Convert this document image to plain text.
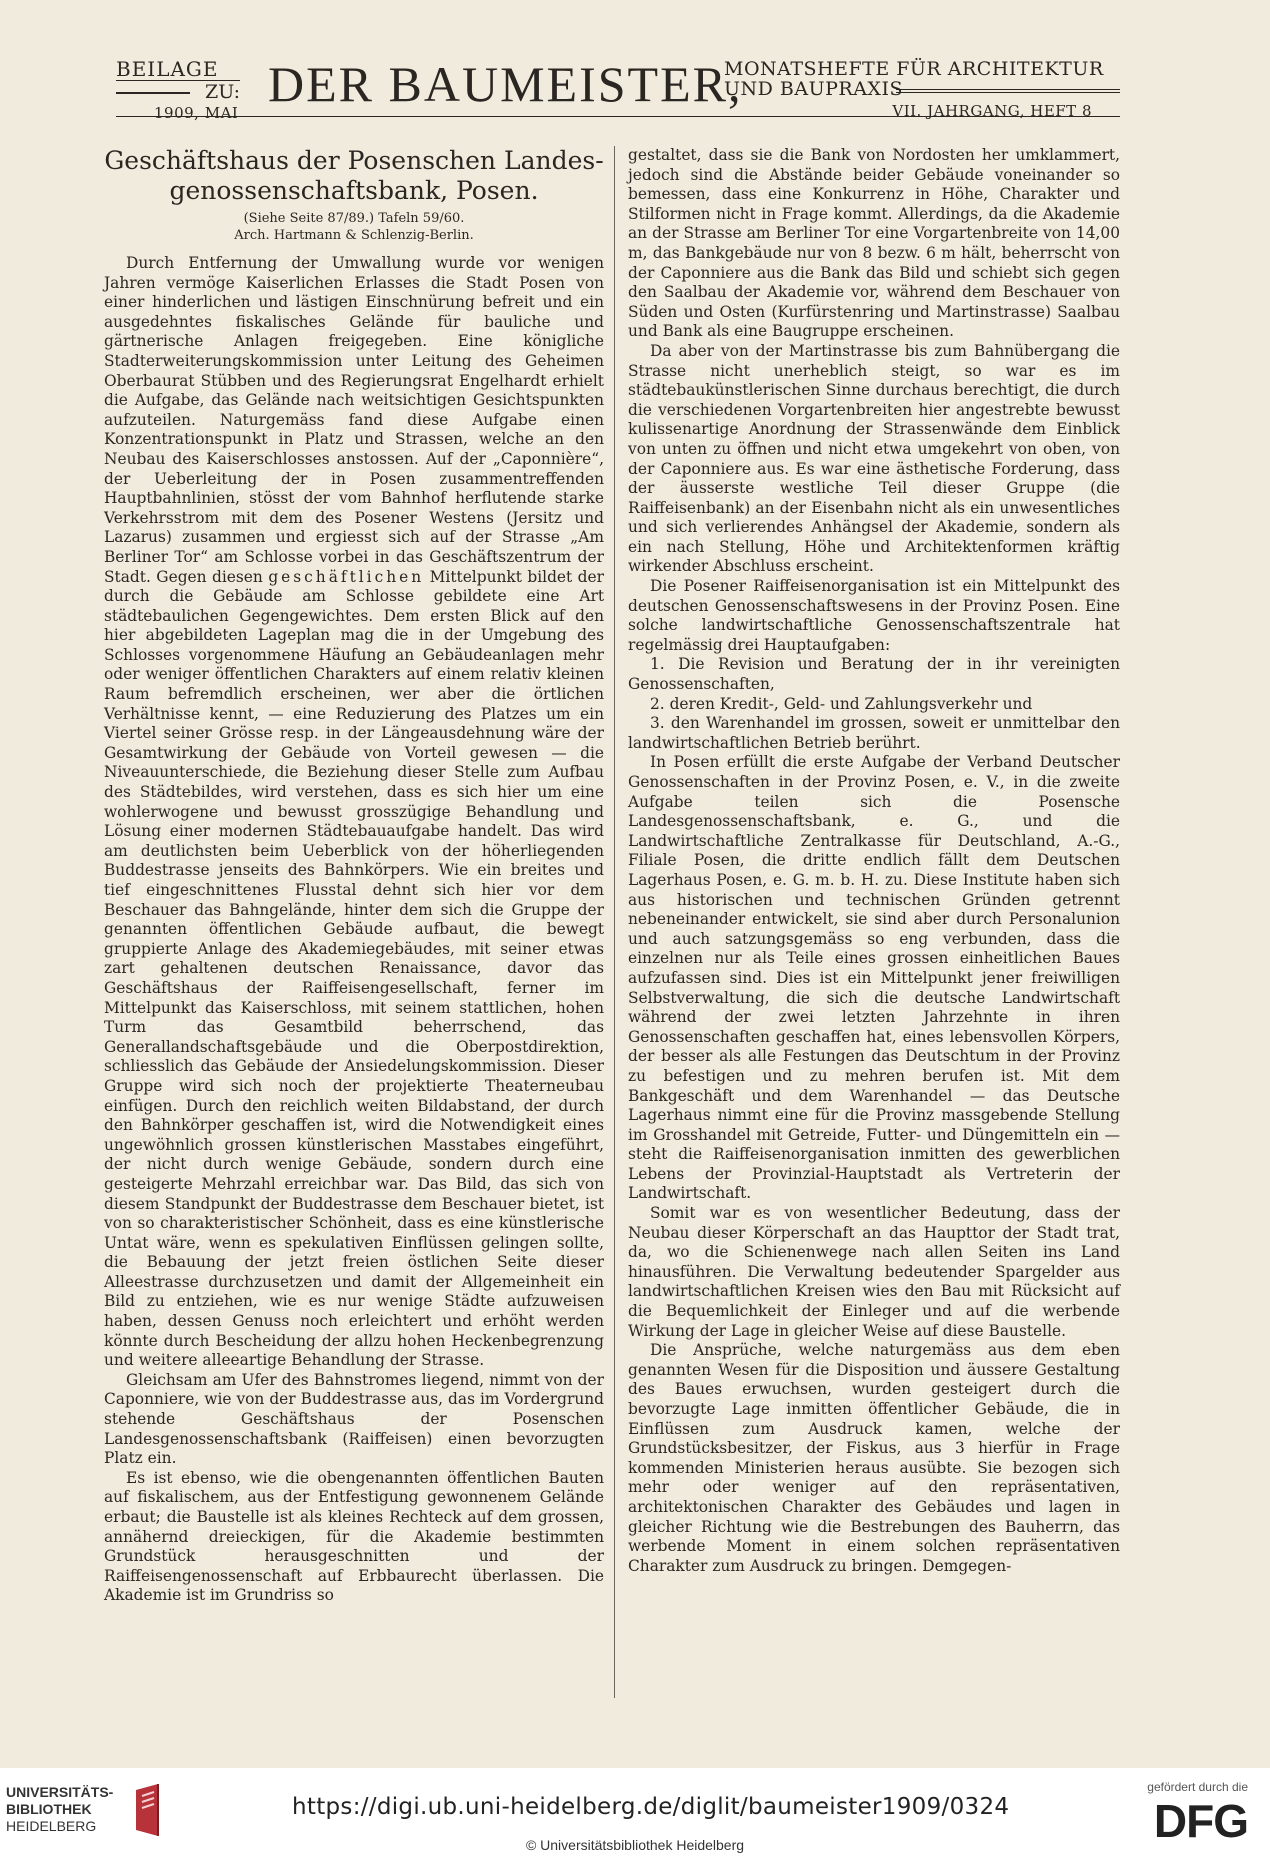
BEILAGE
ZU:
1909, MAI
DER BAUMEISTER,
MONATSHEFTE FÜR ARCHITEKTUR
UND BAUPRAXIS
VII. JAHRGANG, HEFT 8
Geschäftshaus der Posenschen Landes-
genossenschaftsbank, Posen.
(Siehe Seite 87/89.) Tafeln 59/60.
Arch. Hartmann & Schlenzig-Berlin.

Durch Entfernung der Umwallung wurde vor wenigen Jahren vermöge Kaiserlichen Erlasses die Stadt Posen von einer hinderlichen und lästigen Einschnürung befreit und ein ausgedehntes fiskalisches Gelände für bauliche und gärtnerische Anlagen freigegeben. Eine königliche Stadterweiterungskommission unter Leitung des Geheimen Oberbaurat Stübben und des Regierungsrat Engelhardt erhielt die Aufgabe, das Gelände nach weitsichtigen Gesichtspunkten aufzuteilen. Naturgemäss fand diese Aufgabe einen Konzentrationspunkt in Platz und Strassen, welche an den Neubau des Kaiserschlosses anstossen. Auf der „Caponnière“, der Ueberleitung der in Posen zusammentreffenden Hauptbahnlinien, stösst der vom Bahnhof herflutende starke Verkehrsstrom mit dem des Posener Westens (Jersitz und Lazarus) zusammen und ergiesst sich auf der Strasse „Am Berliner Tor“ am Schlosse vorbei in das Geschäftszentrum der Stadt. Gegen diesen geschäftlichen Mittelpunkt bildet der durch die Gebäude am Schlosse gebildete eine Art städtebaulichen Gegengewichtes. Dem ersten Blick auf den hier abgebildeten Lageplan mag die in der Umgebung des Schlosses vorgenommene Häufung an Gebäudeanlagen mehr oder weniger öffentlichen Charakters auf einem relativ kleinen Raum befremdlich erscheinen, wer aber die örtlichen Verhältnisse kennt, — eine Reduzierung des Platzes um ein Viertel seiner Grösse resp. in der Längeausdehnung wäre der Gesamtwirkung der Gebäude von Vorteil gewesen — die Niveauunterschiede, die Beziehung dieser Stelle zum Aufbau des Städtebildes, wird verstehen, dass es sich hier um eine wohlerwogene und bewusst grosszügige Behandlung und Lösung einer modernen Städtebauaufgabe handelt. Das wird am deutlichsten beim Ueberblick von der höherliegenden Buddestrasse jenseits des Bahnkörpers. Wie ein breites und tief eingeschnittenes Flusstal dehnt sich hier vor dem Beschauer das Bahngelände, hinter dem sich die Gruppe der genannten öffentlichen Gebäude aufbaut, die bewegt gruppierte Anlage des Akademiegebäudes, mit seiner etwas zart gehaltenen deutschen Renaissance, davor das Geschäftshaus der Raiffeisengesellschaft, ferner im Mittelpunkt das Kaiserschloss, mit seinem stattlichen, hohen Turm das Gesamtbild beherrschend, das Generallandschaftsgebäude und die Oberpostdirektion, schliesslich das Gebäude der Ansiedelungskommission. Dieser Gruppe wird sich noch der projektierte Theaterneubau einfügen. Durch den reichlich weiten Bildabstand, der durch den Bahnkörper geschaffen ist, wird die Notwendigkeit eines ungewöhnlich grossen künstlerischen Masstabes eingeführt, der nicht durch wenige Gebäude, sondern durch eine gesteigerte Mehrzahl erreichbar war. Das Bild, das sich von diesem Standpunkt der Buddestrasse dem Beschauer bietet, ist von so charakteristischer Schönheit, dass es eine künstlerische Untat wäre, wenn es spekulativen Einflüssen gelingen sollte, die Bebauung der jetzt freien östlichen Seite dieser Alleestrasse durchzusetzen und damit der Allgemeinheit ein Bild zu entziehen, wie es nur wenige Städte aufzuweisen haben, dessen Genuss noch erleichtert und erhöht werden könnte durch Bescheidung der allzu hohen Heckenbegrenzung und weitere alleeartige Behandlung der Strasse.

Gleichsam am Ufer des Bahnstromes liegend, nimmt von der Caponniere, wie von der Buddestrasse aus, das im Vordergrund stehende Geschäftshaus der Posenschen Landesgenossenschaftsbank (Raiffeisen) einen bevorzugten Platz ein.

Es ist ebenso, wie die obengenannten öffentlichen Bauten auf fiskalischem, aus der Entfestigung gewonnenem Gelände erbaut; die Baustelle ist als kleines Rechteck auf dem grossen, annähernd dreieckigen, für die Akademie bestimmten Grundstück herausgeschnitten und der Raiffeisengenossenschaft auf Erbbaurecht überlassen. Die Akademie ist im Grundriss so

gestaltet, dass sie die Bank von Nordosten her umklammert, jedoch sind die Abstände beider Gebäude voneinander so bemessen, dass eine Konkurrenz in Höhe, Charakter und Stilformen nicht in Frage kommt. Allerdings, da die Akademie an der Strasse am Berliner Tor eine Vorgartenbreite von 14,00 m, das Bankgebäude nur von 8 bezw. 6 m hält, beherrscht von der Caponniere aus die Bank das Bild und schiebt sich gegen den Saalbau der Akademie vor, während dem Beschauer von Süden und Osten (Kurfürstenring und Martinstrasse) Saalbau und Bank als eine Baugruppe erscheinen.

Da aber von der Martinstrasse bis zum Bahnübergang die Strasse nicht unerheblich steigt, so war es im städtebaukünstlerischen Sinne durchaus berechtigt, die durch die verschiedenen Vorgartenbreiten hier angestrebte bewusst kulissenartige Anordnung der Strassenwände dem Einblick von unten zu öffnen und nicht etwa umgekehrt von oben, von der Caponniere aus. Es war eine ästhetische Forderung, dass der äusserste westliche Teil dieser Gruppe (die Raiffeisenbank) an der Eisenbahn nicht als ein unwesentliches und sich verlierendes Anhängsel der Akademie, sondern als ein nach Stellung, Höhe und Architektenformen kräftig wirkender Abschluss erscheint.

Die Posener Raiffeisenorganisation ist ein Mittelpunkt des deutschen Genossenschaftswesens in der Provinz Posen. Eine solche landwirtschaftliche Genossenschaftszentrale hat regelmässig drei Hauptaufgaben:

1. Die Revision und Beratung der in ihr vereinigten Genossenschaften,

2. deren Kredit-, Geld- und Zahlungsverkehr und

3. den Warenhandel im grossen, soweit er unmittelbar den landwirtschaftlichen Betrieb berührt.

In Posen erfüllt die erste Aufgabe der Verband Deutscher Genossenschaften in der Provinz Posen, e. V., in die zweite Aufgabe teilen sich die Posensche Landesgenossenschaftsbank, e. G., und die Landwirtschaftliche Zentralkasse für Deutschland, A.-G., Filiale Posen, die dritte endlich fällt dem Deutschen Lagerhaus Posen, e. G. m. b. H. zu. Diese Institute haben sich aus historischen und technischen Gründen getrennt nebeneinander entwickelt, sie sind aber durch Personalunion und auch satzungsgemäss so eng verbunden, dass die einzelnen nur als Teile eines grossen einheitlichen Baues aufzufassen sind. Dies ist ein Mittelpunkt jener freiwilligen Selbstverwaltung, die sich die deutsche Landwirtschaft während der zwei letzten Jahrzehnte in ihren Genossenschaften geschaffen hat, eines lebensvollen Körpers, der besser als alle Festungen das Deutschtum in der Provinz zu befestigen und zu mehren berufen ist. Mit dem Bankgeschäft und dem Warenhandel — das Deutsche Lagerhaus nimmt eine für die Provinz massgebende Stellung im Grosshandel mit Getreide, Futter- und Düngemitteln ein — steht die Raiffeisenorganisation inmitten des gewerblichen Lebens der Provinzial-Hauptstadt als Vertreterin der Landwirtschaft.

Somit war es von wesentlicher Bedeutung, dass der Neubau dieser Körperschaft an das Haupttor der Stadt trat, da, wo die Schienenwege nach allen Seiten ins Land hinausführen. Die Verwaltung bedeutender Spargelder aus landwirtschaftlichen Kreisen wies den Bau mit Rücksicht auf die Bequemlichkeit der Einleger und auf die werbende Wirkung der Lage in gleicher Weise auf diese Baustelle.

Die Ansprüche, welche naturgemäss aus dem eben genannten Wesen für die Disposition und äussere Gestaltung des Baues erwuchsen, wurden gesteigert durch die bevorzugte Lage inmitten öffentlicher Gebäude, die in Einflüssen zum Ausdruck kamen, welche der Grundstücksbesitzer, der Fiskus, aus 3 hierfür in Frage kommenden Ministerien heraus ausübte. Sie bezogen sich mehr oder weniger auf den repräsentativen, architektonischen Charakter des Gebäudes und lagen in gleicher Richtung wie die Bestrebungen des Bauherrn, das werbende Moment in einem solchen repräsentativen Charakter zum Ausdruck zu bringen. Demgegen-

UNIVERSITÄTS-
BIBLIOTHEK
HEIDELBERG
https://digi.ub.uni-heidelberg.de/diglit/baumeister1909/0324
© Universitätsbibliothek Heidelberg
gefördert durch die
DFG
